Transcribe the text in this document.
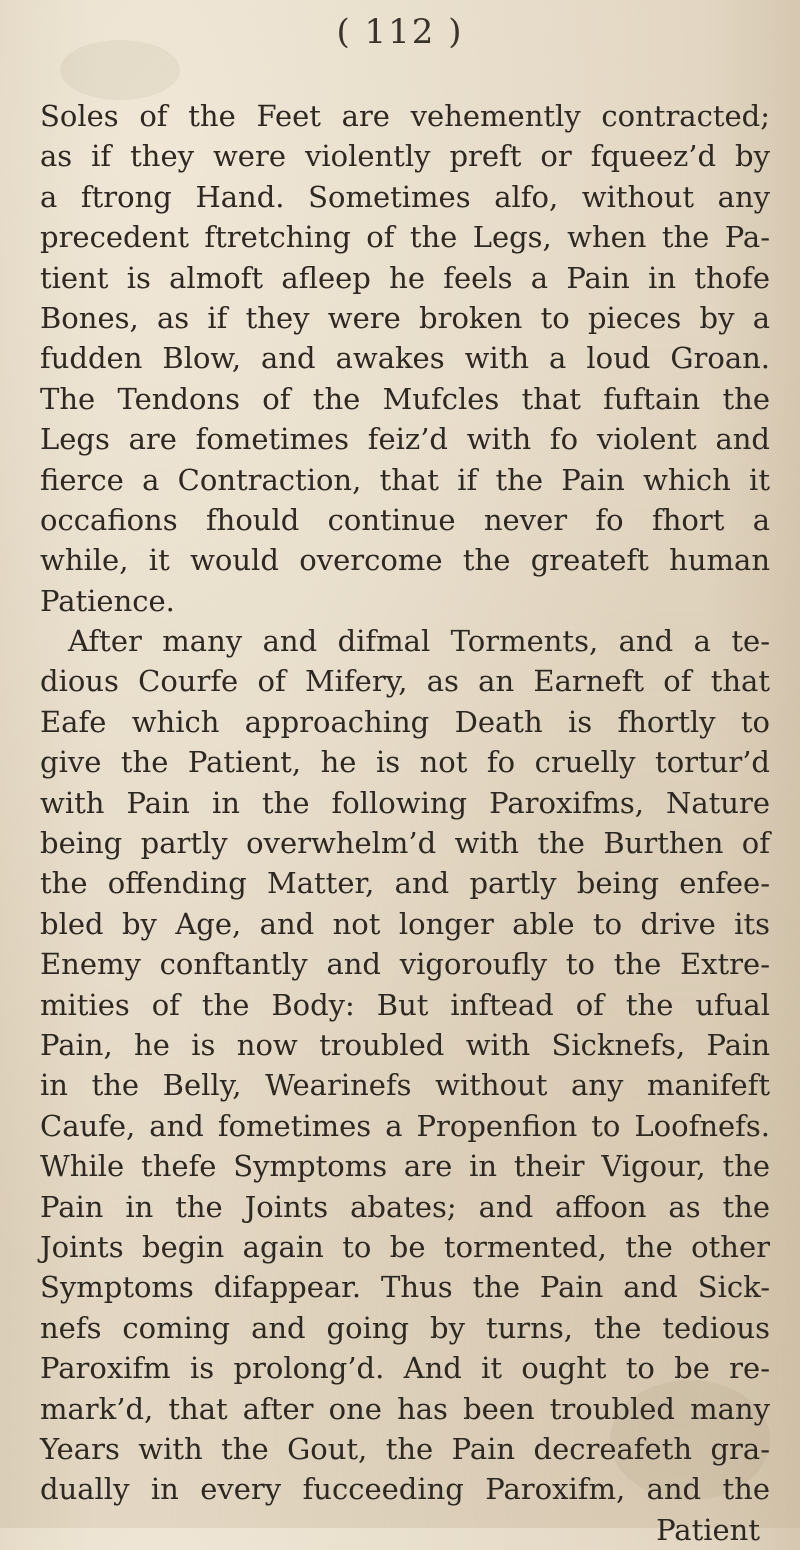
( 112 )
Soles of the Feet are vehemently contracted;
as if they were violently preft or fqueez’d by
a ftrong Hand. Sometimes alfo, without any
precedent ftretching of the Legs, when the Pa-
tient is almoft afleep he feels a Pain in thofe
Bones, as if they were broken to pieces by a
fudden Blow, and awakes with a loud Groan.
The Tendons of the Mufcles that fuftain the
Legs are fometimes feiz’d with fo violent and
fierce a Contraction, that if the Pain which it
occafions fhould continue never fo fhort a
while, it would overcome the greateft human
Patience.
After many and difmal Torments, and a te-
dious Courfe of Mifery, as an Earneft of that
Eafe which approaching Death is fhortly to
give the Patient, he is not fo cruelly tortur’d
with Pain in the following Paroxifms, Nature
being partly overwhelm’d with the Burthen of
the offending Matter, and partly being enfee-
bled by Age, and not longer able to drive its
Enemy conftantly and vigoroufly to the Extre-
mities of the Body: But inftead of the ufual
Pain, he is now troubled with Sicknefs, Pain
in the Belly, Wearinefs without any manifeft
Caufe, and fometimes a Propenfion to Loofnefs.
While thefe Symptoms are in their Vigour, the
Pain in the Joints abates; and affoon as the
Joints begin again to be tormented, the other
Symptoms difappear. Thus the Pain and Sick-
nefs coming and going by turns, the tedious
Paroxifm is prolong’d. And it ought to be re-
mark’d, that after one has been troubled many
Years with the Gout, the Pain decreafeth gra-
dually in every fucceeding Paroxifm, and the
Patient
